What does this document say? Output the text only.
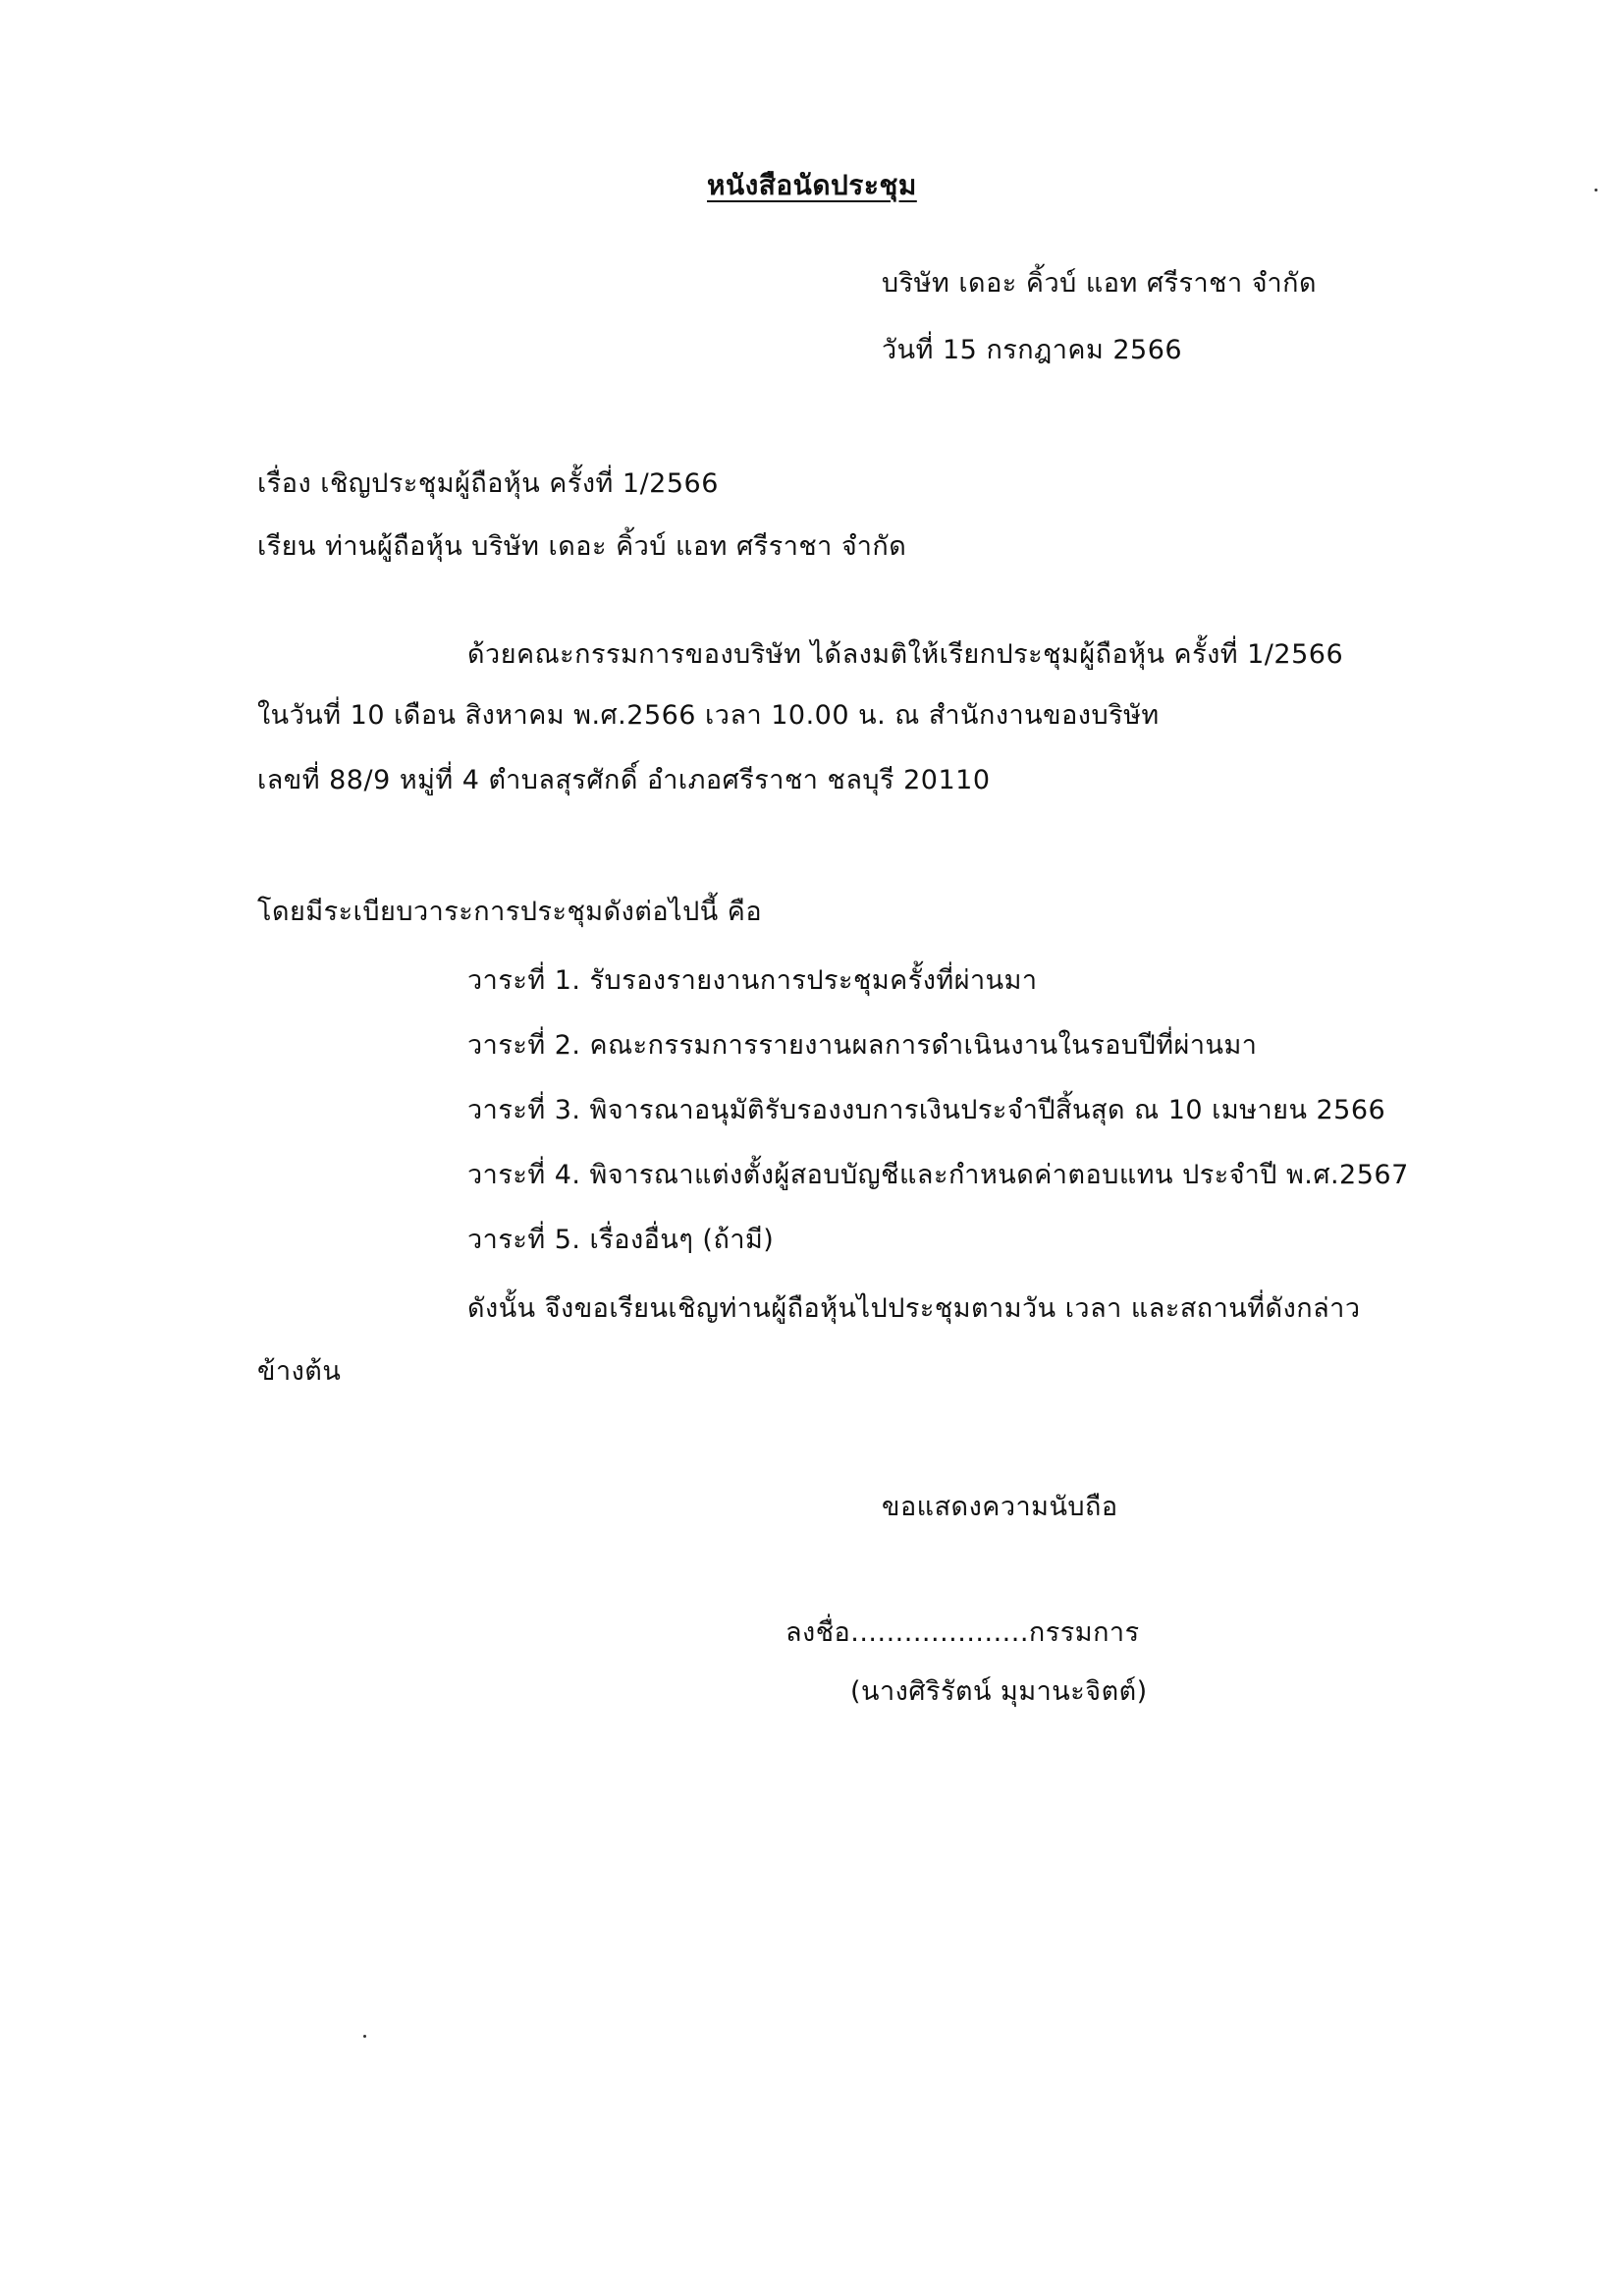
หนังสือนัดประชุม
บริษัท เดอะ คิ้วบ์ แอท ศรีราชา จำกัด
วันที่ 15 กรกฎาคม 2566
เรื่อง เชิญประชุมผู้ถือหุ้น ครั้งที่ 1/2566
เรียน ท่านผู้ถือหุ้น บริษัท เดอะ คิ้วบ์ แอท ศรีราชา จำกัด
ด้วยคณะกรรมการของบริษัท ได้ลงมติให้เรียกประชุมผู้ถือหุ้น ครั้งที่ 1/2566
ในวันที่ 10 เดือน สิงหาคม พ.ศ.2566 เวลา 10.00 น. ณ สำนักงานของบริษัท
เลขที่ 88/9 หมู่ที่ 4 ตำบลสุรศักดิ์ อำเภอศรีราชา ชลบุรี 20110
โดยมีระเบียบวาระการประชุมดังต่อไปนี้ คือ
วาระที่ 1. รับรองรายงานการประชุมครั้งที่ผ่านมา
วาระที่ 2. คณะกรรมการรายงานผลการดำเนินงานในรอบปีที่ผ่านมา
วาระที่ 3. พิจารณาอนุมัติรับรองงบการเงินประจำปีสิ้นสุด ณ 10 เมษายน 2566
วาระที่ 4. พิจารณาแต่งตั้งผู้สอบบัญชีและกำหนดค่าตอบแทน ประจำปี พ.ศ.2567
วาระที่ 5. เรื่องอื่นๆ (ถ้ามี)
ดังนั้น จึงขอเรียนเชิญท่านผู้ถือหุ้นไปประชุมตามวัน เวลา และสถานที่ดังกล่าว
ข้างต้น
ขอแสดงความนับถือ
ลงชื่อ....................กรรมการ
(นางศิริรัตน์ มุมานะจิตต์)
